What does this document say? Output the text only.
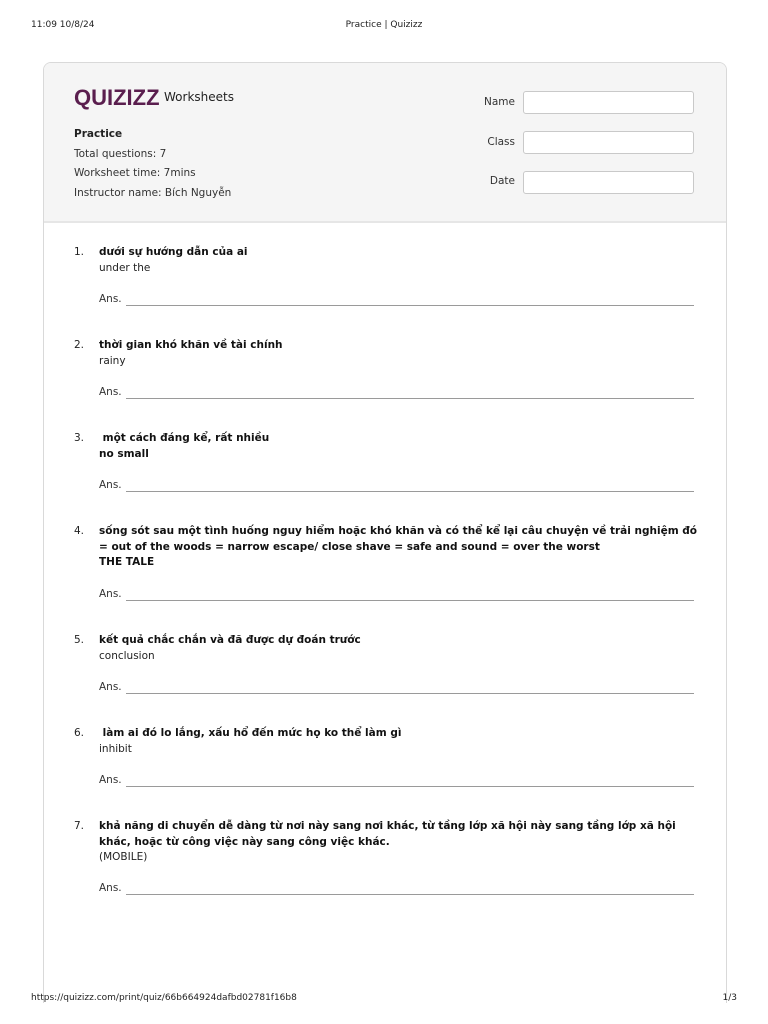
11:09 10/8/24	Practice | Quizizz
QUIZIZZ Worksheets
Practice
Total questions: 7
Worksheet time: 7mins
Instructor name: Bích Nguyễn
Name
Class
Date
1. dưới sự hướng dẫn của ai
under the
Ans.
2. thời gian khó khăn về tài chính
rainy
Ans.
3. một cách đáng kể, rất nhiều
no small
Ans.
4. sống sót sau một tình huống nguy hiểm hoặc khó khăn và có thể kể lại câu chuyện về trải nghiệm đó
= out of the woods = narrow escape/ close shave = safe and sound = over the worst
THE TALE
Ans.
5. kết quả chắc chắn và đã được dự đoán trước
conclusion
Ans.
6. làm ai đó lo lắng, xấu hổ đến mức họ ko thể làm gì
inhibit
Ans.
7. khả năng di chuyển dễ dàng từ nơi này sang nơi khác, từ tầng lớp xã hội này sang tầng lớp xã hội khác, hoặc từ công việc này sang công việc khác.
(MOBILE)
Ans.
https://quizizz.com/print/quiz/66b664924dafbd02781f16b8	1/3
